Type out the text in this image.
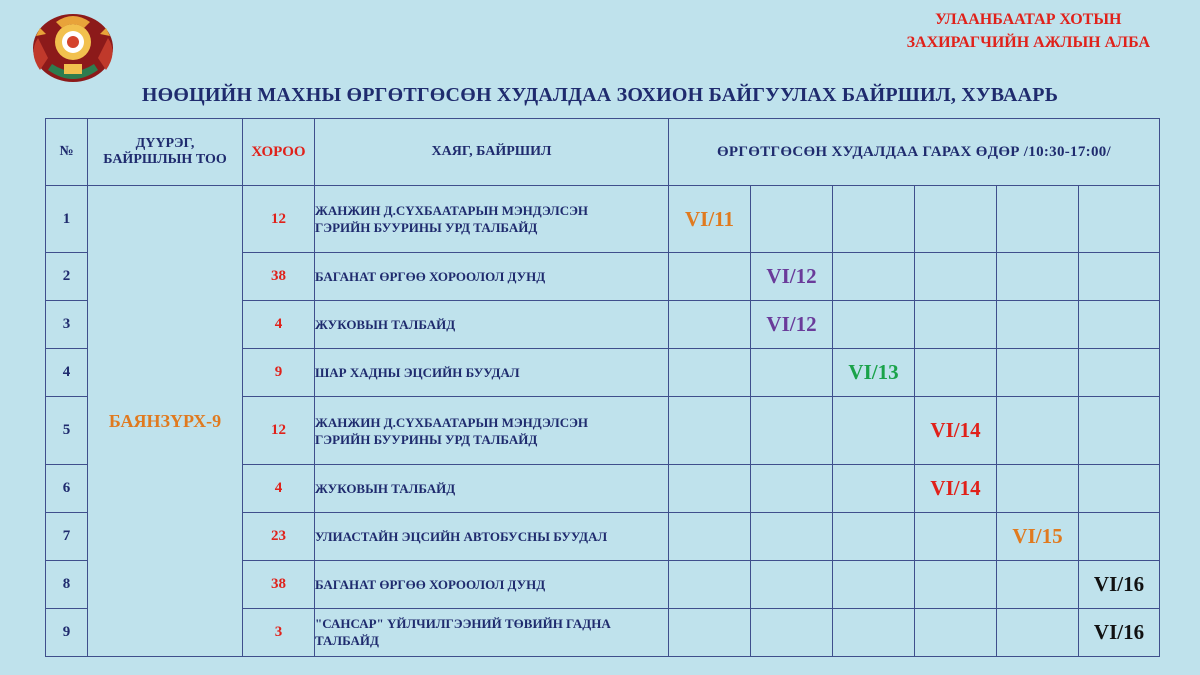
УЛААНБААТАР ХОТЫН
ЗАХИРАГЧИЙН АЖЛЫН АЛБА
НӨӨЦИЙН МАХНЫ ӨРГӨТГӨСӨН ХУДАЛДАА ЗОХИОН БАЙГУУЛАХ БАЙРШИЛ, ХУВААРЬ
№	ДҮҮРЭГ,
БАЙРШЛЫН ТОО	ХОРОО	ХАЯГ, БАЙРШИЛ	ӨРГӨТГӨСӨН ХУДАЛДАА ГАРАХ ӨДӨР /10:30-17:00/					
1	БАЯНЗҮРХ-9	12	ЖАНЖИН Д.СҮХБААТАРЫН МЭНДЭЛСЭН
ГЭРИЙН БУУРИНЫ УРД ТАЛБАЙД	VI/11					
2		38	БАГАНАТ ӨРГӨӨ ХОРООЛОЛ ДУНД		VI/12				
3		4	ЖУКОВЫН ТАЛБАЙД		VI/12				
4		9	ШАР ХАДНЫ ЭЦСИЙН БУУДАЛ			VI/13			
5		12	ЖАНЖИН Д.СҮХБААТАРЫН МЭНДЭЛСЭН
ГЭРИЙН БУУРИНЫ УРД ТАЛБАЙД				VI/14		
6		4	ЖУКОВЫН ТАЛБАЙД				VI/14		
7		23	УЛИАСТАЙН ЭЦСИЙН АВТОБУСНЫ БУУДАЛ					VI/15	
8		38	БАГАНАТ ӨРГӨӨ ХОРООЛОЛ ДУНД						VI/16
9		3	"САНСАР" ҮЙЛЧИЛГЭЭНИЙ ТӨВИЙН ГАДНА
ТАЛБАЙД						VI/16
